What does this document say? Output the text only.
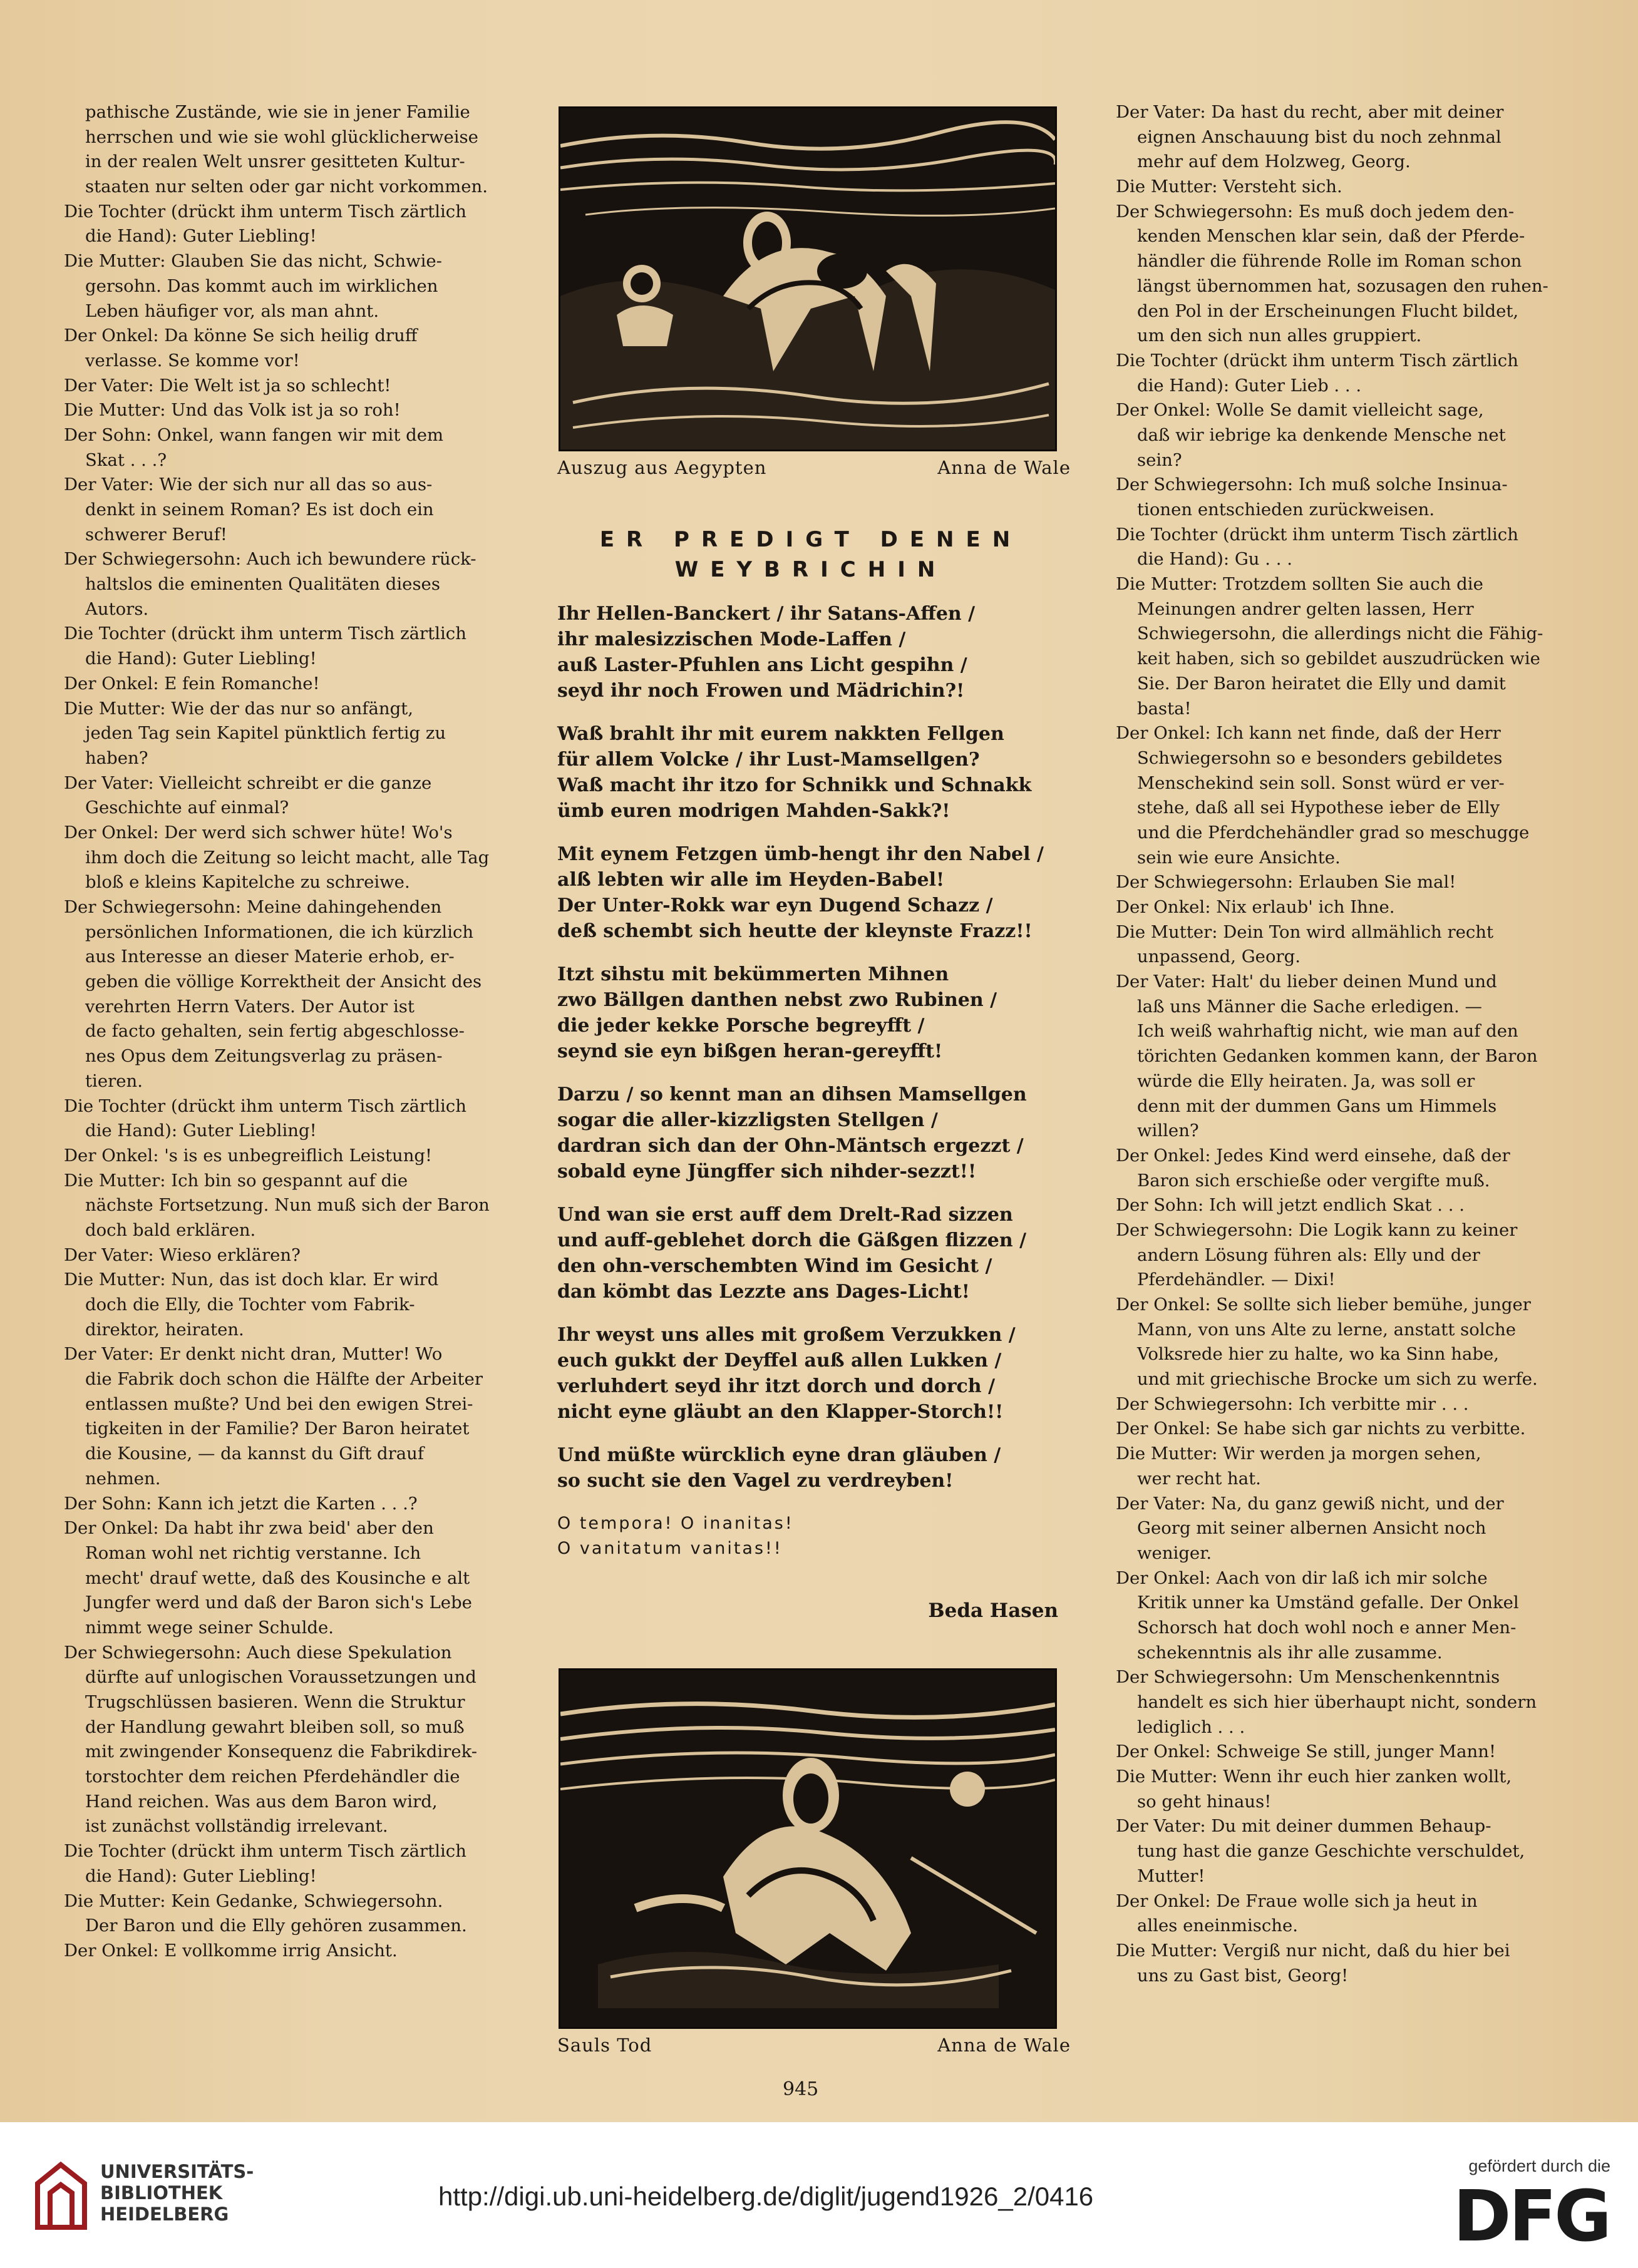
pathische Zustände, wie sie in jener Familie
herrschen und wie sie wohl glücklicherweise
in der realen Welt unsrer gesitteten Kultur-
staaten nur selten oder gar nicht vorkommen.
Die Tochter (drückt ihm unterm Tisch zärtlich
die Hand): Guter Liebling!
Die Mutter: Glauben Sie das nicht, Schwie-
gersohn. Das kommt auch im wirklichen
Leben häufiger vor, als man ahnt.
Der Onkel: Da könne Se sich heilig druff
verlasse. Se komme vor!
Der Vater: Die Welt ist ja so schlecht!
Die Mutter: Und das Volk ist ja so roh!
Der Sohn: Onkel, wann fangen wir mit dem
Skat . . .?
Der Vater: Wie der sich nur all das so aus-
denkt in seinem Roman? Es ist doch ein
schwerer Beruf!
Der Schwiegersohn: Auch ich bewundere rück-
haltslos die eminenten Qualitäten dieses
Autors.
Die Tochter (drückt ihm unterm Tisch zärtlich
die Hand): Guter Liebling!
Der Onkel: E fein Romanche!
Die Mutter: Wie der das nur so anfängt,
jeden Tag sein Kapitel pünktlich fertig zu
haben?
Der Vater: Vielleicht schreibt er die ganze
Geschichte auf einmal?
Der Onkel: Der werd sich schwer hüte! Wo's
ihm doch die Zeitung so leicht macht, alle Tag
bloß e kleins Kapitelche zu schreiwe.
Der Schwiegersohn: Meine dahingehenden
persönlichen Informationen, die ich kürzlich
aus Interesse an dieser Materie erhob, er-
geben die völlige Korrektheit der Ansicht des
verehrten Herrn Vaters. Der Autor ist
de facto gehalten, sein fertig abgeschlosse-
nes Opus dem Zeitungsverlag zu präsen-
tieren.
Die Tochter (drückt ihm unterm Tisch zärtlich
die Hand): Guter Liebling!
Der Onkel: 's is es unbegreiflich Leistung!
Die Mutter: Ich bin so gespannt auf die
nächste Fortsetzung. Nun muß sich der Baron
doch bald erklären.
Der Vater: Wieso erklären?
Die Mutter: Nun, das ist doch klar. Er wird
doch die Elly, die Tochter vom Fabrik-
direktor, heiraten.
Der Vater: Er denkt nicht dran, Mutter! Wo
die Fabrik doch schon die Hälfte der Arbeiter
entlassen mußte? Und bei den ewigen Strei-
tigkeiten in der Familie? Der Baron heiratet
die Kousine, — da kannst du Gift drauf
nehmen.
Der Sohn: Kann ich jetzt die Karten . . .?
Der Onkel: Da habt ihr zwa beid' aber den
Roman wohl net richtig verstanne. Ich
mecht' drauf wette, daß des Kousinche e alt
Jungfer werd und daß der Baron sich's Lebe
nimmt wege seiner Schulde.
Der Schwiegersohn: Auch diese Spekulation
dürfte auf unlogischen Voraussetzungen und
Trugschlüssen basieren. Wenn die Struktur
der Handlung gewahrt bleiben soll, so muß
mit zwingender Konsequenz die Fabrikdirek-
torstochter dem reichen Pferdehändler die
Hand reichen. Was aus dem Baron wird,
ist zunächst vollständig irrelevant.
Die Tochter (drückt ihm unterm Tisch zärtlich
die Hand): Guter Liebling!
Die Mutter: Kein Gedanke, Schwiegersohn.
Der Baron und die Elly gehören zusammen.
Der Onkel: E vollkomme irrig Ansicht.
Auszug aus Aegypten	Anna de Wale
ER PREDIGT DENEN
WEYBRICHIN
Ihr Hellen-Banckert / ihr Satans-Affen /
ihr malesizzischen Mode-Laffen /
auß Laster-Pfuhlen ans Licht gespihn /
seyd ihr noch Frowen und Mädrichin?!
Waß brahlt ihr mit eurem nakkten Fellgen
für allem Volcke / ihr Lust-Mamsellgen?
Waß macht ihr itzo for Schnikk und Schnakk
ümb euren modrigen Mahden-Sakk?!
Mit eynem Fetzgen ümb-hengt ihr den Nabel /
alß lebten wir alle im Heyden-Babel!
Der Unter-Rokk war eyn Dugend Schazz /
deß schembt sich heutte der kleynste Frazz!!
Itzt sihstu mit bekümmerten Mihnen
zwo Bällgen danthen nebst zwo Rubinen /
die jeder kekke Porsche begreyfft /
seynd sie eyn bißgen heran-gereyfft!
Darzu / so kennt man an dihsen Mamsellgen
sogar die aller-kizzligsten Stellgen /
dardran sich dan der Ohn-Mäntsch ergezzt /
sobald eyne Jüngffer sich nihder-sezzt!!
Und wan sie erst auff dem Drelt-Rad sizzen
und auff-geblehet dorch die Gäßgen flizzen /
den ohn-verschembten Wind im Gesicht /
dan kömbt das Lezzte ans Dages-Licht!
Ihr weyst uns alles mit großem Verzukken /
euch gukkt der Deyffel auß allen Lukken /
verluhdert seyd ihr itzt dorch und dorch /
nicht eyne gläubt an den Klapper-Storch!!
Und müßte würcklich eyne dran gläuben /
so sucht sie den Vagel zu verdreyben!
O tempora! O inanitas!
O vanitatum vanitas!!
Beda Hasen
Sauls Tod	Anna de Wale
Der Vater: Da hast du recht, aber mit deiner
eignen Anschauung bist du noch zehnmal
mehr auf dem Holzweg, Georg.
Die Mutter: Versteht sich.
Der Schwiegersohn: Es muß doch jedem den-
kenden Menschen klar sein, daß der Pferde-
händler die führende Rolle im Roman schon
längst übernommen hat, sozusagen den ruhen-
den Pol in der Erscheinungen Flucht bildet,
um den sich nun alles gruppiert.
Die Tochter (drückt ihm unterm Tisch zärtlich
die Hand): Guter Lieb . . .
Der Onkel: Wolle Se damit vielleicht sage,
daß wir iebrige ka denkende Mensche net
sein?
Der Schwiegersohn: Ich muß solche Insinua-
tionen entschieden zurückweisen.
Die Tochter (drückt ihm unterm Tisch zärtlich
die Hand): Gu . . .
Die Mutter: Trotzdem sollten Sie auch die
Meinungen andrer gelten lassen, Herr
Schwiegersohn, die allerdings nicht die Fähig-
keit haben, sich so gebildet auszudrücken wie
Sie. Der Baron heiratet die Elly und damit
basta!
Der Onkel: Ich kann net finde, daß der Herr
Schwiegersohn so e besonders gebildetes
Menschekind sein soll. Sonst würd er ver-
stehe, daß all sei Hypothese ieber de Elly
und die Pferdchehändler grad so meschugge
sein wie eure Ansichte.
Der Schwiegersohn: Erlauben Sie mal!
Der Onkel: Nix erlaub' ich Ihne.
Die Mutter: Dein Ton wird allmählich recht
unpassend, Georg.
Der Vater: Halt' du lieber deinen Mund und
laß uns Männer die Sache erledigen. —
Ich weiß wahrhaftig nicht, wie man auf den
törichten Gedanken kommen kann, der Baron
würde die Elly heiraten. Ja, was soll er
denn mit der dummen Gans um Himmels
willen?
Der Onkel: Jedes Kind werd einsehe, daß der
Baron sich erschieße oder vergifte muß.
Der Sohn: Ich will jetzt endlich Skat . . .
Der Schwiegersohn: Die Logik kann zu keiner
andern Lösung führen als: Elly und der
Pferdehändler. — Dixi!
Der Onkel: Se sollte sich lieber bemühe, junger
Mann, von uns Alte zu lerne, anstatt solche
Volksrede hier zu halte, wo ka Sinn habe,
und mit griechische Brocke um sich zu werfe.
Der Schwiegersohn: Ich verbitte mir . . .
Der Onkel: Se habe sich gar nichts zu verbitte.
Die Mutter: Wir werden ja morgen sehen,
wer recht hat.
Der Vater: Na, du ganz gewiß nicht, und der
Georg mit seiner albernen Ansicht noch
weniger.
Der Onkel: Aach von dir laß ich mir solche
Kritik unner ka Umständ gefalle. Der Onkel
Schorsch hat doch wohl noch e anner Men-
schekenntnis als ihr alle zusamme.
Der Schwiegersohn: Um Menschenkenntnis
handelt es sich hier überhaupt nicht, sondern
lediglich . . .
Der Onkel: Schweige Se still, junger Mann!
Die Mutter: Wenn ihr euch hier zanken wollt,
so geht hinaus!
Der Vater: Du mit deiner dummen Behaup-
tung hast die ganze Geschichte verschuldet,
Mutter!
Der Onkel: De Fraue wolle sich ja heut in
alles eneinmische.
Die Mutter: Vergiß nur nicht, daß du hier bei
uns zu Gast bist, Georg!
945
UNIVERSITÄTS-
BIBLIOTHEK
HEIDELBERG
http://digi.ub.uni-heidelberg.de/diglit/jugend1926_2/0416
gefördert durch die
DFG
